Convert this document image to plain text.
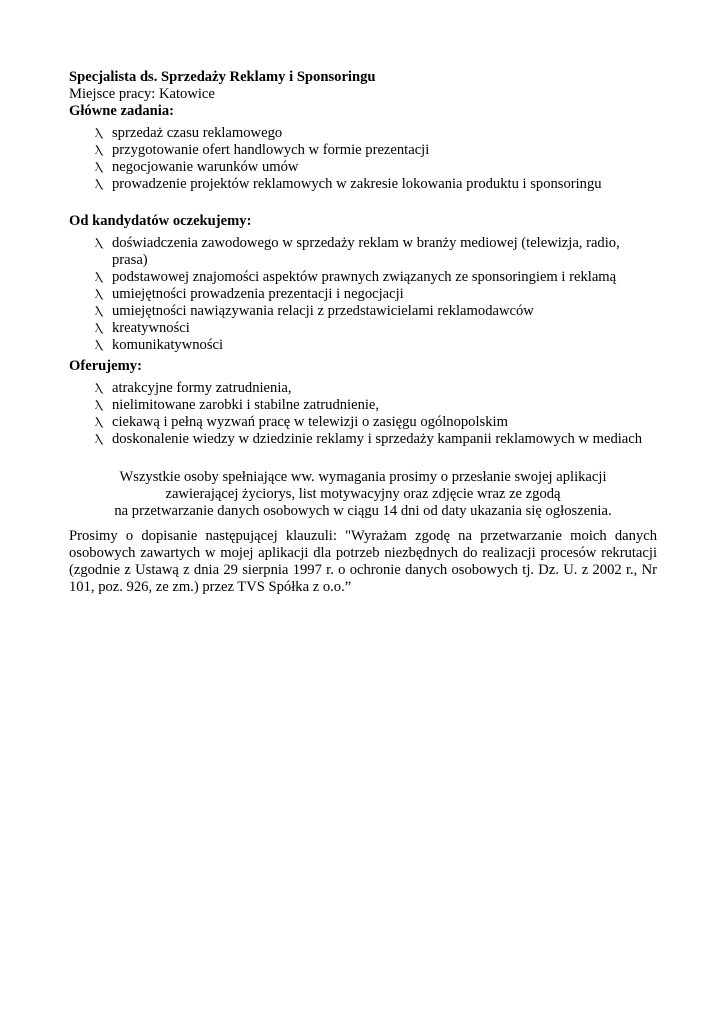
Specjalista ds. Sprzedaży Reklamy i Sponsoringu
Miejsce pracy: Katowice
Główne zadania:
Ⲗ sprzedaż czasu reklamowego
Ⲗ przygotowanie ofert handlowych w formie prezentacji
Ⲗ negocjowanie warunków umów
Ⲗ prowadzenie projektów reklamowych w zakresie lokowania produktu i sponsoringu
Od kandydatów oczekujemy:
Ⲗ doświadczenia zawodowego w sprzedaży reklam w branży mediowej (telewizja, radio, prasa)
Ⲗ podstawowej znajomości aspektów prawnych związanych ze sponsoringiem i reklamą
Ⲗ umiejętności prowadzenia prezentacji i negocjacji
Ⲗ umiejętności nawiązywania relacji z przedstawicielami reklamodawców
Ⲗ kreatywności
Ⲗ komunikatywności
Oferujemy:
Ⲗ atrakcyjne formy zatrudnienia,
Ⲗ nielimitowane zarobki i stabilne zatrudnienie,
Ⲗ ciekawą i pełną wyzwań pracę w telewizji o zasięgu ogólnopolskim
Ⲗ doskonalenie wiedzy w dziedzinie reklamy i sprzedaży kampanii reklamowych w mediach

Wszystkie osoby spełniające ww. wymagania prosimy o przesłanie swojej aplikacji

zawierającej życiorys, list motywacyjny oraz zdjęcie wraz ze zgodą

na przetwarzanie danych osobowych w ciągu 14 dni od daty ukazania się ogłoszenia.

Prosimy o dopisanie następującej klauzuli: "Wyrażam zgodę na przetwarzanie moich danych osobowych zawartych w mojej aplikacji dla potrzeb niezbędnych do realizacji procesów rekrutacji (zgodnie z Ustawą z dnia 29 sierpnia 1997 r. o ochronie danych osobowych tj. Dz. U. z 2002 r., Nr 101, poz. 926, ze zm.) przez TVS Spółka z o.o.”
